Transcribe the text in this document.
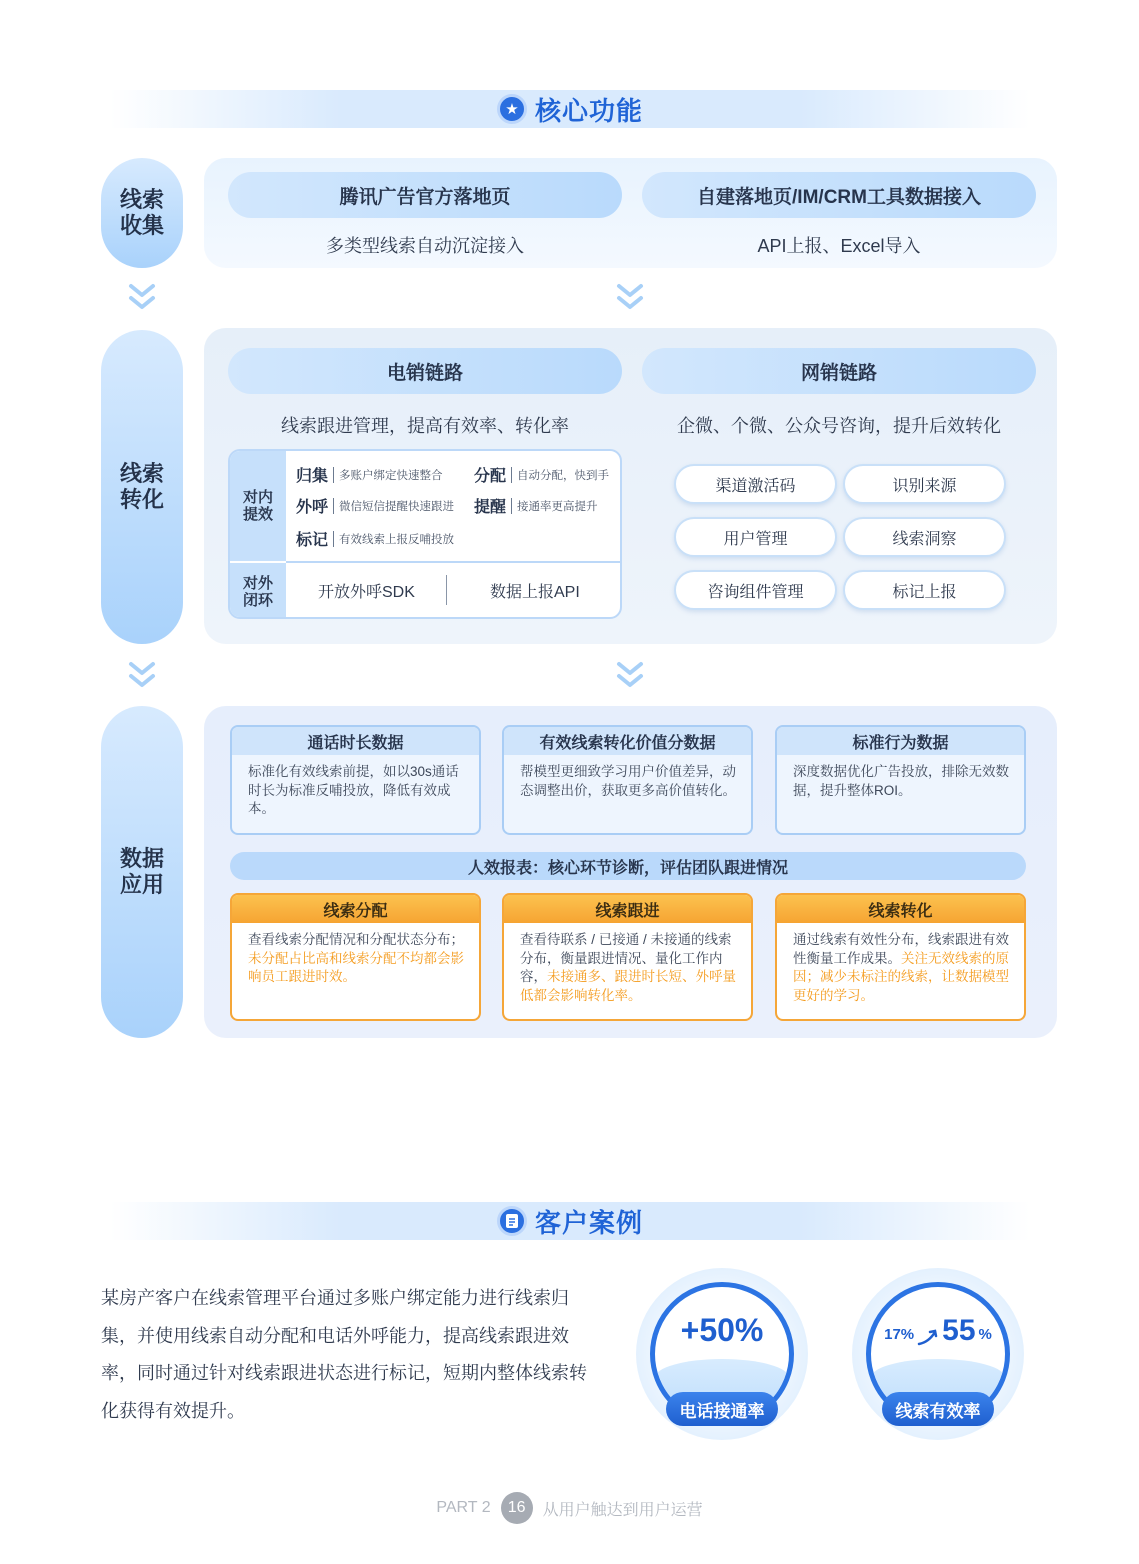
★ 核心功能
线索收集
腾讯广告官方落地页
多类型线索自动沉淀接入
自建落地页/IM/CRM工具数据接入
API上报、Excel导入
线索转化
电销链路
线索跟进管理，提高有效率、转化率
网销链路
企微、个微、公众号咨询，提升后效转化
对内提效
归集 多账户绑定快速整合 分配 自动分配，快到手
外呼 微信短信提醒快速跟进 提醒 接通率更高提升
标记 有效线索上报反哺投放
对外闭环	开放外呼SDK	数据上报API
渠道激活码	识别来源
用户管理	线索洞察
咨询组件管理	标记上报
数据应用
通话时长数据
标准化有效线索前提，如以30s通话时长为标准反哺投放，降低有效成本。
有效线索转化价值分数据
帮模型更细致学习用户价值差异，动态调整出价，获取更多高价值转化。
标准行为数据
深度数据优化广告投放，排除无效数据，提升整体ROI。
人效报表：核心环节诊断，评估团队跟进情况
线索分配
查看线索分配情况和分配状态分布；未分配占比高和线索分配不均都会影响员工跟进时效。
线索跟进
查看待联系 / 已接通 / 未接通的线索分布，衡量跟进情况、量化工作内容，未接通多、跟进时长短、外呼量低都会影响转化率。
线索转化
通过线索有效性分布，线索跟进有效性衡量工作成果。关注无效线索的原因；减少未标注的线索，让数据模型更好的学习。
客户案例
某房产客户在线索管理平台通过多账户绑定能力进行线索归集，并使用线索自动分配和电话外呼能力，提高线索跟进效率，同时通过针对线索跟进状态进行标记，短期内整体线索转化获得有效提升。
+50%
电话接通率
17% 55 %
线索有效率
PART 2	16	从用户触达到用户运营
